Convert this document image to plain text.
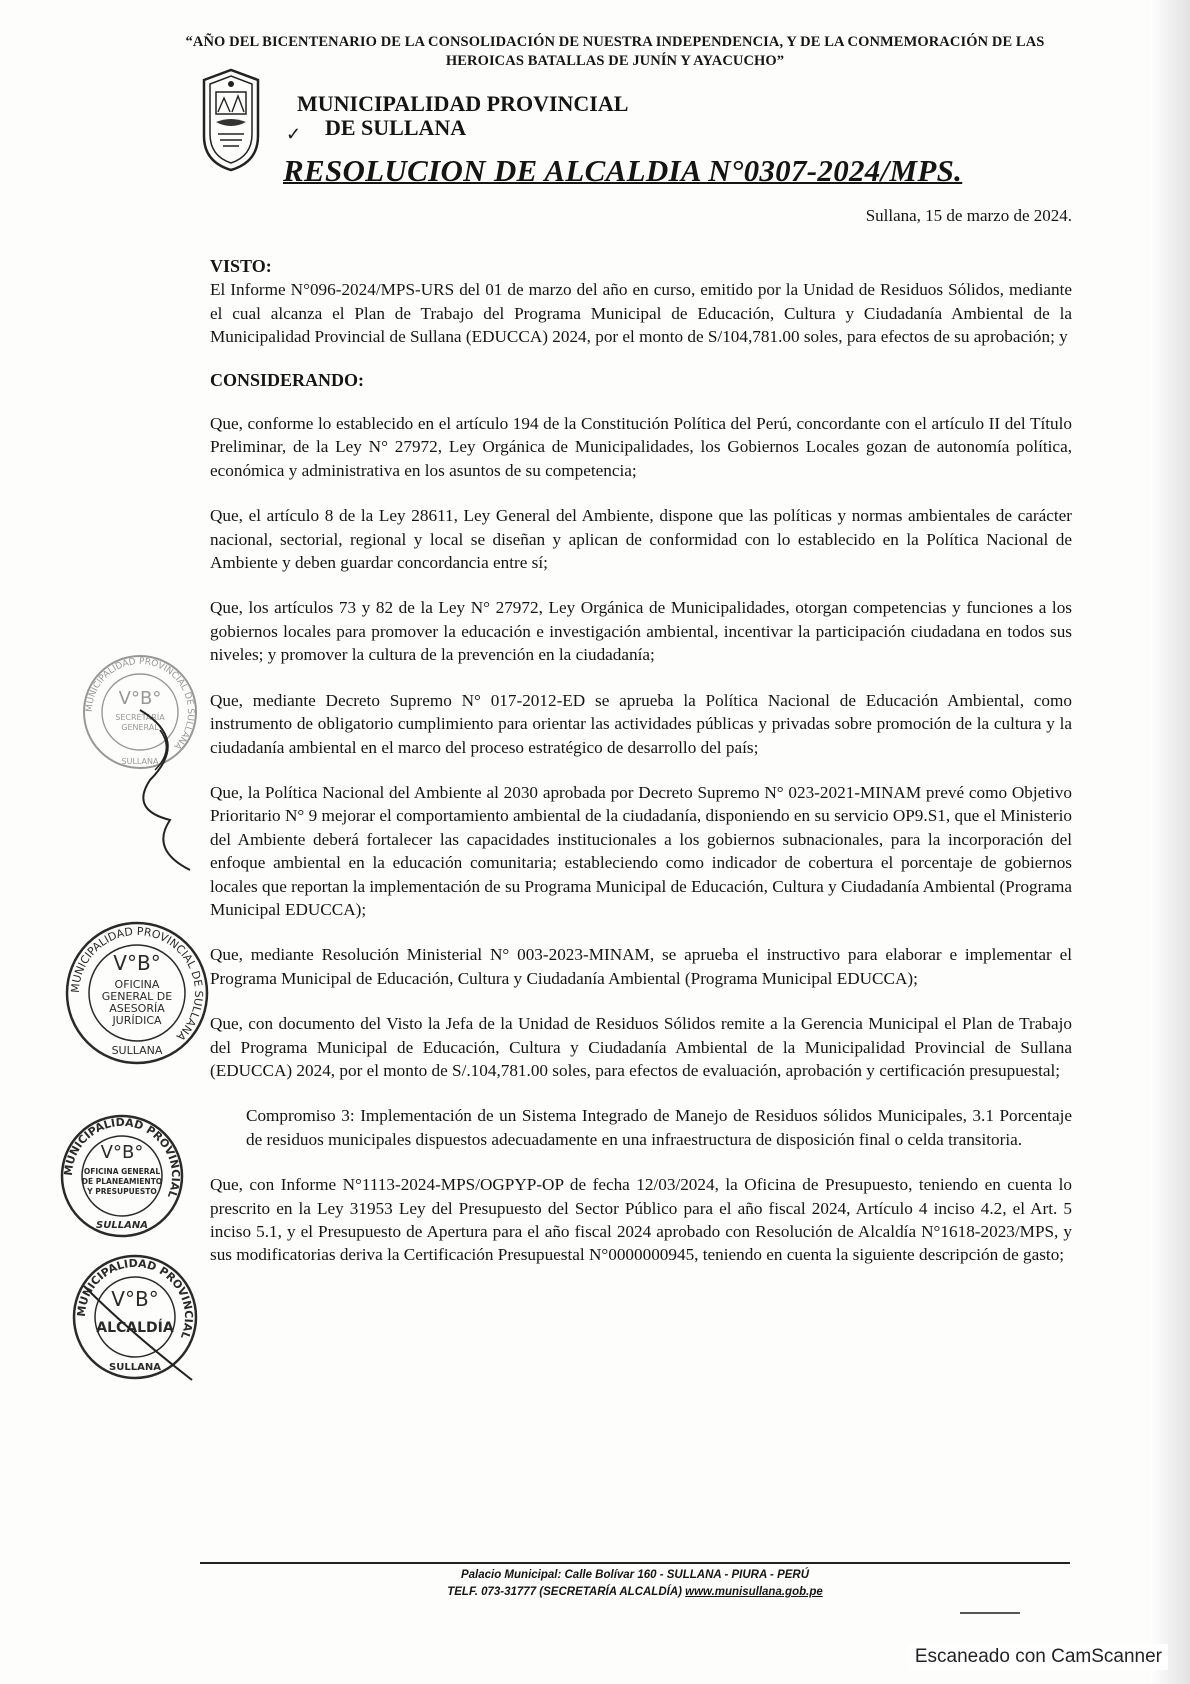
“AÑO DEL BICENTENARIO DE LA CONSOLIDACIÓN DE NUESTRA INDEPENDENCIA, Y DE LA CONMEMORACIÓN DE LAS HEROICAS BATALLAS DE JUNÍN Y AYACUCHO”
✓
MUNICIPALIDAD PROVINCIAL
DE SULLANA
RESOLUCION DE ALCALDIA N°0307-2024/MPS.
Sullana, 15 de marzo de 2024.

VISTO:

El Informe N°096-2024/MPS-URS del 01 de marzo del año en curso, emitido por la Unidad de Residuos Sólidos, mediante el cual alcanza el Plan de Trabajo del Programa Municipal de Educación, Cultura y Ciudadanía Ambiental de la Municipalidad Provincial de Sullana (EDUCCA) 2024, por el monto de S/104,781.00 soles, para efectos de su aprobación; y

CONSIDERANDO:

Que, conforme lo establecido en el artículo 194 de la Constitución Política del Perú, concordante con el artículo II del Título Preliminar, de la Ley N° 27972, Ley Orgánica de Municipalidades, los Gobiernos Locales gozan de autonomía política, económica y administrativa en los asuntos de su competencia;

Que, el artículo 8 de la Ley 28611, Ley General del Ambiente, dispone que las políticas y normas ambientales de carácter nacional, sectorial, regional y local se diseñan y aplican de conformidad con lo establecido en la Política Nacional de Ambiente y deben guardar concordancia entre sí;

Que, los artículos 73 y 82 de la Ley N° 27972, Ley Orgánica de Municipalidades, otorgan competencias y funciones a los gobiernos locales para promover la educación e investigación ambiental, incentivar la participación ciudadana en todos sus niveles; y promover la cultura de la prevención en la ciudadanía;

Que, mediante Decreto Supremo N° 017-2012-ED se aprueba la Política Nacional de Educación Ambiental, como instrumento de obligatorio cumplimiento para orientar las actividades públicas y privadas sobre promoción de la cultura y la ciudadanía ambiental en el marco del proceso estratégico de desarrollo del país;

Que, la Política Nacional del Ambiente al 2030 aprobada por Decreto Supremo N° 023-2021-MINAM prevé como Objetivo Prioritario N° 9 mejorar el comportamiento ambiental de la ciudadanía, disponiendo en su servicio OP9.S1, que el Ministerio del Ambiente deberá fortalecer las capacidades institucionales a los gobiernos subnacionales, para la incorporación del enfoque ambiental en la educación comunitaria; estableciendo como indicador de cobertura el porcentaje de gobiernos locales que reportan la implementación de su Programa Municipal de Educación, Cultura y Ciudadanía Ambiental (Programa Municipal EDUCCA);

Que, mediante Resolución Ministerial N° 003-2023-MINAM, se aprueba el instructivo para elaborar e implementar el Programa Municipal de Educación, Cultura y Ciudadanía Ambiental (Programa Municipal EDUCCA);

Que, con documento del Visto la Jefa de la Unidad de Residuos Sólidos remite a la Gerencia Municipal el Plan de Trabajo del Programa Municipal de Educación, Cultura y Ciudadanía Ambiental de la Municipalidad Provincial de Sullana (EDUCCA) 2024, por el monto de S/.104,781.00 soles, para efectos de evaluación, aprobación y certificación presupuestal;

Compromiso 3: Implementación de un Sistema Integrado de Manejo de Residuos sólidos Municipales, 3.1 Porcentaje de residuos municipales dispuestos adecuadamente en una infraestructura de disposición final o celda transitoria.

Que, con Informe N°1113-2024-MPS/OGPYP-OP de fecha 12/03/2024, la Oficina de Presupuesto, teniendo en cuenta lo prescrito en la Ley 31953 Ley del Presupuesto del Sector Público para el año fiscal 2024, Artículo 4 inciso 4.2, el Art. 5 inciso 5.1, y el Presupuesto de Apertura para el año fiscal 2024 aprobado con Resolución de Alcaldía N°1618-2023/MPS, y sus modificatorias deriva la Certificación Presupuestal N°0000000945, teniendo en cuenta la siguiente descripción de gasto;

MUNICIPALIDAD PROVINCIAL DE SULLANA
V°B°
SECRETARÍA
GENERAL
SULLANA
MUNICIPALIDAD PROVINCIAL DE SULLANA
V°B°
OFICINA
GENERAL DE
ASESORÍA
JURÍDICA
SULLANA
MUNICIPALIDAD PROVINCIAL
V°B°
OFICINA GENERAL
DE PLANEAMIENTO
Y PRESUPUESTO
SULLANA
MUNICIPALIDAD PROVINCIAL
V°B°
ALCALDÍA
SULLANA
Palacio Municipal: Calle Bolívar 160 - SULLANA - PIURA - PERÚ
TELF. 073-31777 (SECRETARÍA ALCALDÍA) www.munisullana.gob.pe
Escaneado con CamScanner
